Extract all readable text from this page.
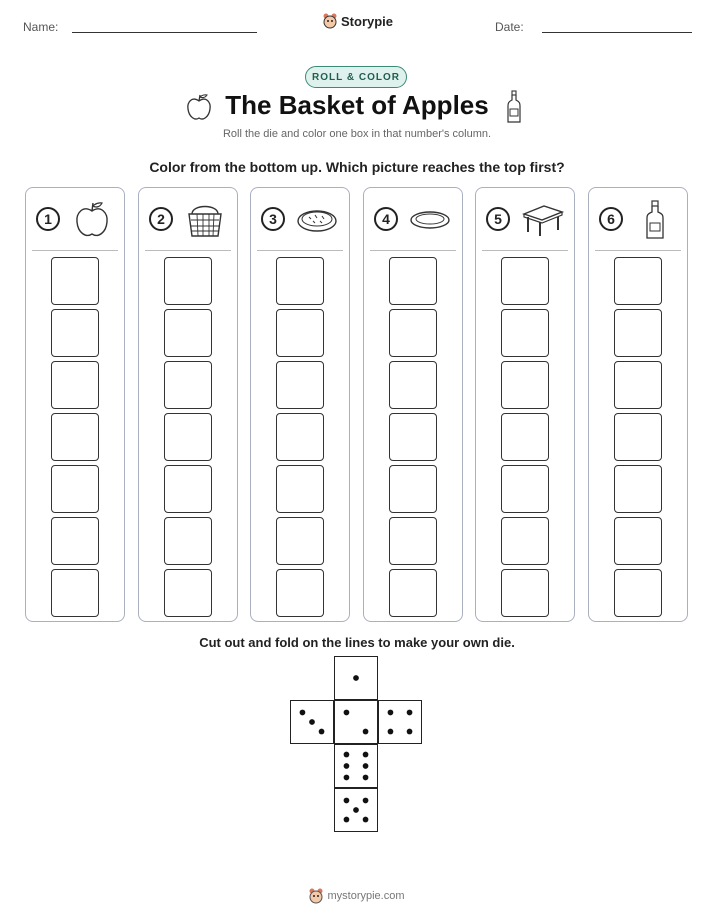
Name:	Storypie	Date:
ROLL & COLOR
The Basket of Apples
Roll the die and color one box in that number's column.
Color from the bottom up. Which picture reaches the top first?
1	2	3	4	5	6
Cut out and fold on the lines to make your own die.
mystorypie.com
